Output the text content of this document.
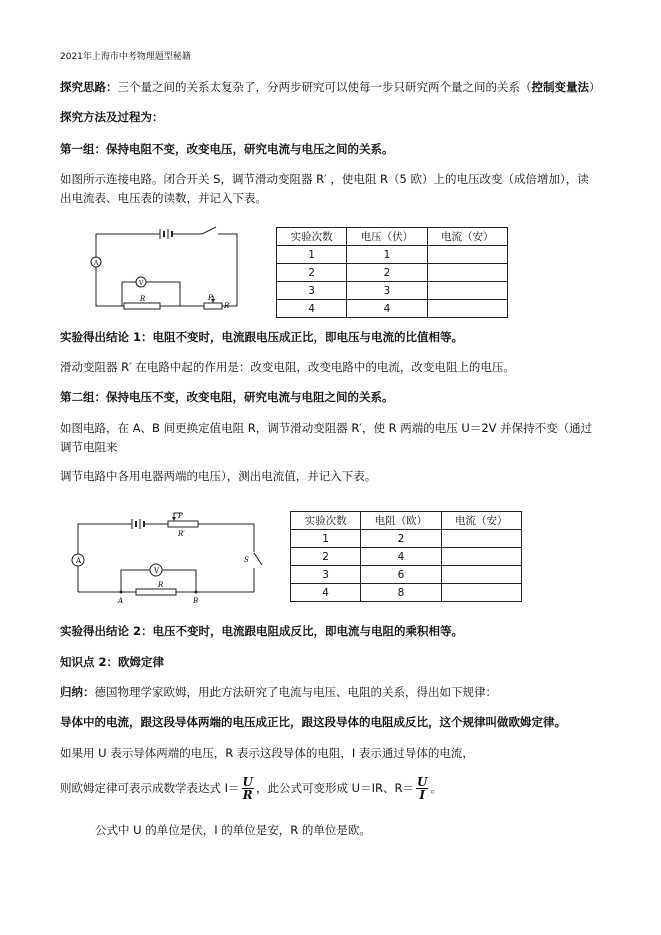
2021年上海市中考物理题型秘籍
探究思路：三个量之间的关系太复杂了，分两步研究可以使每一步只研究两个量之间的关系（控制变量法）
探究方法及过程为：
第一组：保持电阻不变，改变电压，研究电流与电压之间的关系。
如图所示连接电路。闭合开关 S，调节滑动变阻器 R′ ，使电阻 R（5 欧）上的电压改变（成倍增加），读
出电流表、电压表的读数，并记入下表。
A
V
R	P
R′
实验次数	电压（伏）	电流（安）
1	1	
2	2	
3	3	
4	4	
实验得出结论 1：电阻不变时，电流跟电压成正比，即电压与电流的比值相等。
滑动变阻器 R′ 在电路中起的作用是：改变电阻，改变电路中的电流，改变电阻上的电压。
第二组：保持电压不变，改变电阻，研究电流与电阻之间的关系。
如图电路，在 A、B 间更换定值电阻 R，调节滑动变阻器 R′，使 R 两端的电压 U＝2V 并保持不变（通过
调节电阻来
调节电路中各用电器两端的电压），测出电流值，并记入下表。
A
V
R
P
R′
S
A	B
实验次数	电阻（欧）	电流（安）
1	2	
2	4	
3	6	
4	8	
实验得出结论 2：电压不变时，电流跟电阻成反比，即电流与电阻的乘积相等。
知识点 2：欧姆定律
归纳：德国物理学家欧姆，用此方法研究了电流与电压、电阻的关系，得出如下规律：
导体中的电流，跟这段导体两端的电压成正比，跟这段导体的电阻成反比，这个规律叫做欧姆定律。
如果用 U 表示导体两端的电压，R 表示这段导体的电阻，I 表示通过导体的电流，
则欧姆定律可表示成数学表达式 $I= \frac{U}{R}$ ，此公式可变形成 U＝IR、$R= \frac{U}{I}$ 。
公式中 U 的单位是伏，I 的单位是安，R 的单位是欧。
